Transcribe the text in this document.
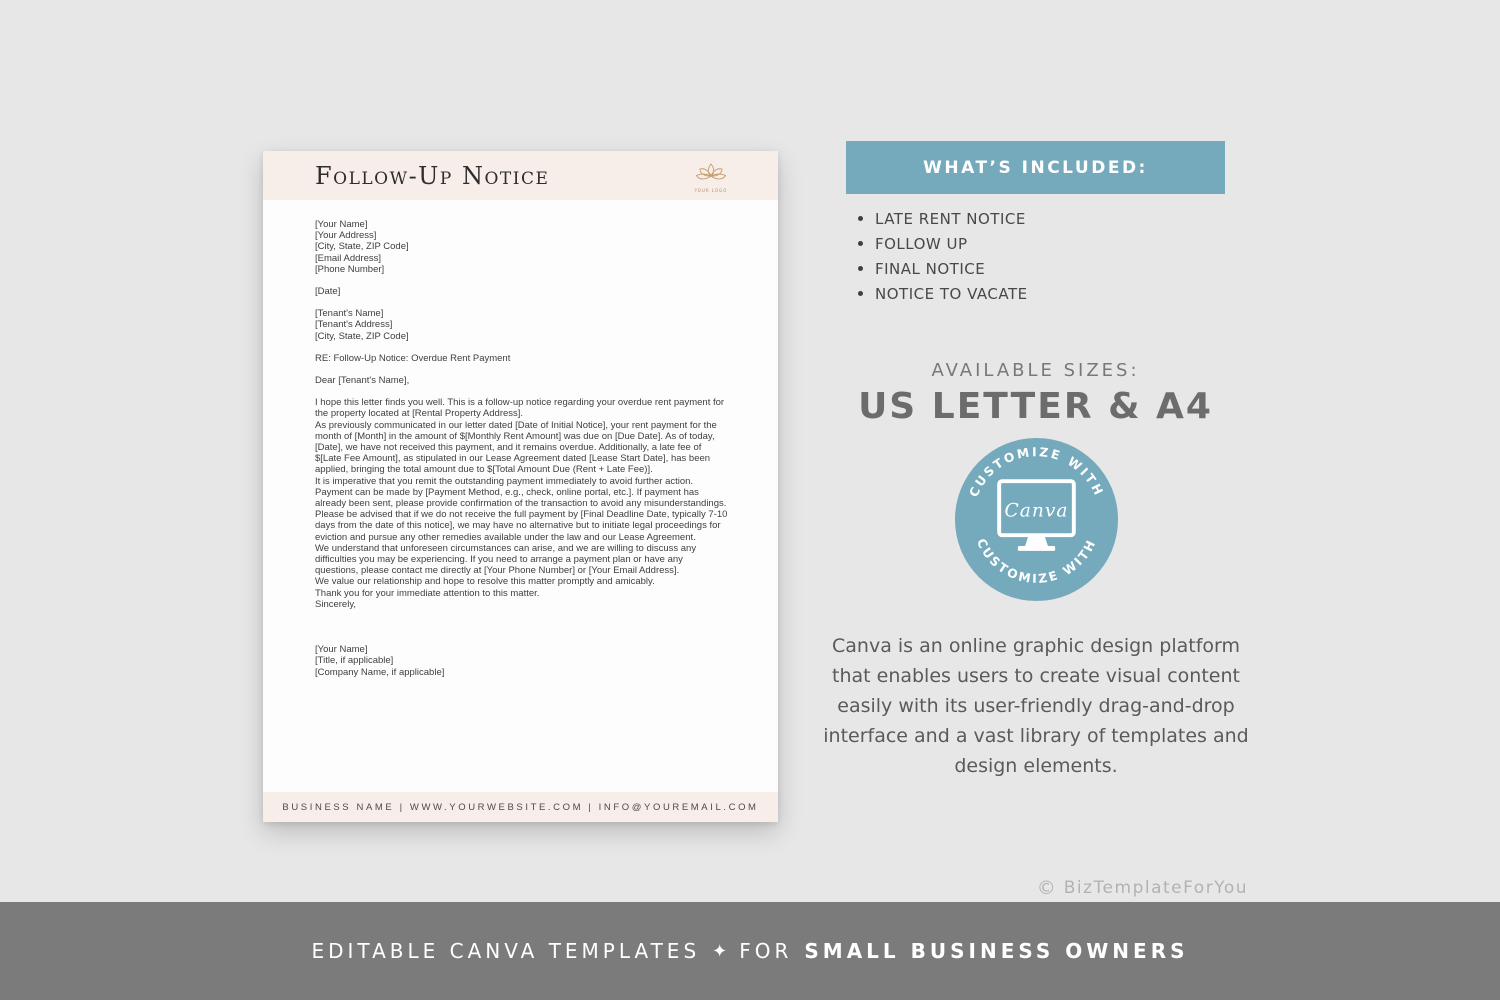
Follow-Up Notice
YOUR LOGO
[Your Name]
[Your Address]
[City, State, ZIP Code]
[Email Address]
[Phone Number]
[Date]
[Tenant's Name]
[Tenant's Address]
[City, State, ZIP Code]
RE: Follow-Up Notice: Overdue Rent Payment
Dear [Tenant's Name],

I hope this letter finds you well. This is a follow-up notice regarding your overdue rent payment for the property located at [Rental Property Address].

As previously communicated in our letter dated [Date of Initial Notice], your rent payment for the month of [Month] in the amount of $[Monthly Rent Amount] was due on [Due Date]. As of today, [Date], we have not received this payment, and it remains overdue. Additionally, a late fee of $[Late Fee Amount], as stipulated in our Lease Agreement dated [Lease Start Date], has been applied, bringing the total amount due to $[Total Amount Due (Rent + Late Fee)].

It is imperative that you remit the outstanding payment immediately to avoid further action. Payment can be made by [Payment Method, e.g., check, online portal, etc.]. If payment has already been sent, please provide confirmation of the transaction to avoid any misunderstandings.

Please be advised that if we do not receive the full payment by [Final Deadline Date, typically 7-10 days from the date of this notice], we may have no alternative but to initiate legal proceedings for eviction and pursue any other remedies available under the law and our Lease Agreement.

We understand that unforeseen circumstances can arise, and we are willing to discuss any difficulties you may be experiencing. If you need to arrange a payment plan or have any questions, please contact me directly at [Your Phone Number] or [Your Email Address].

We value our relationship and hope to resolve this matter promptly and amicably.

Thank you for your immediate attention to this matter.

Sincerely,
[Your Name]
[Title, if applicable]
[Company Name, if applicable]
BUSINESS NAME | WWW.YOURWEBSITE.COM | INFO@YOUREMAIL.COM
WHAT’S INCLUDED:
LATE RENT NOTICE
FOLLOW UP
FINAL NOTICE
NOTICE TO VACATE
AVAILABLE SIZES:
US LETTER & A4
CUSTOMIZE WITH
CUSTOMIZE WITH
Canva

Canva is an online graphic design platform that enables users to create visual content easily with its user-friendly drag-and-drop interface and a vast library of templates and design elements.

© BizTemplateForYou
EDITABLE CANVA TEMPLATES ✦ FOR SMALL BUSINESS OWNERS
